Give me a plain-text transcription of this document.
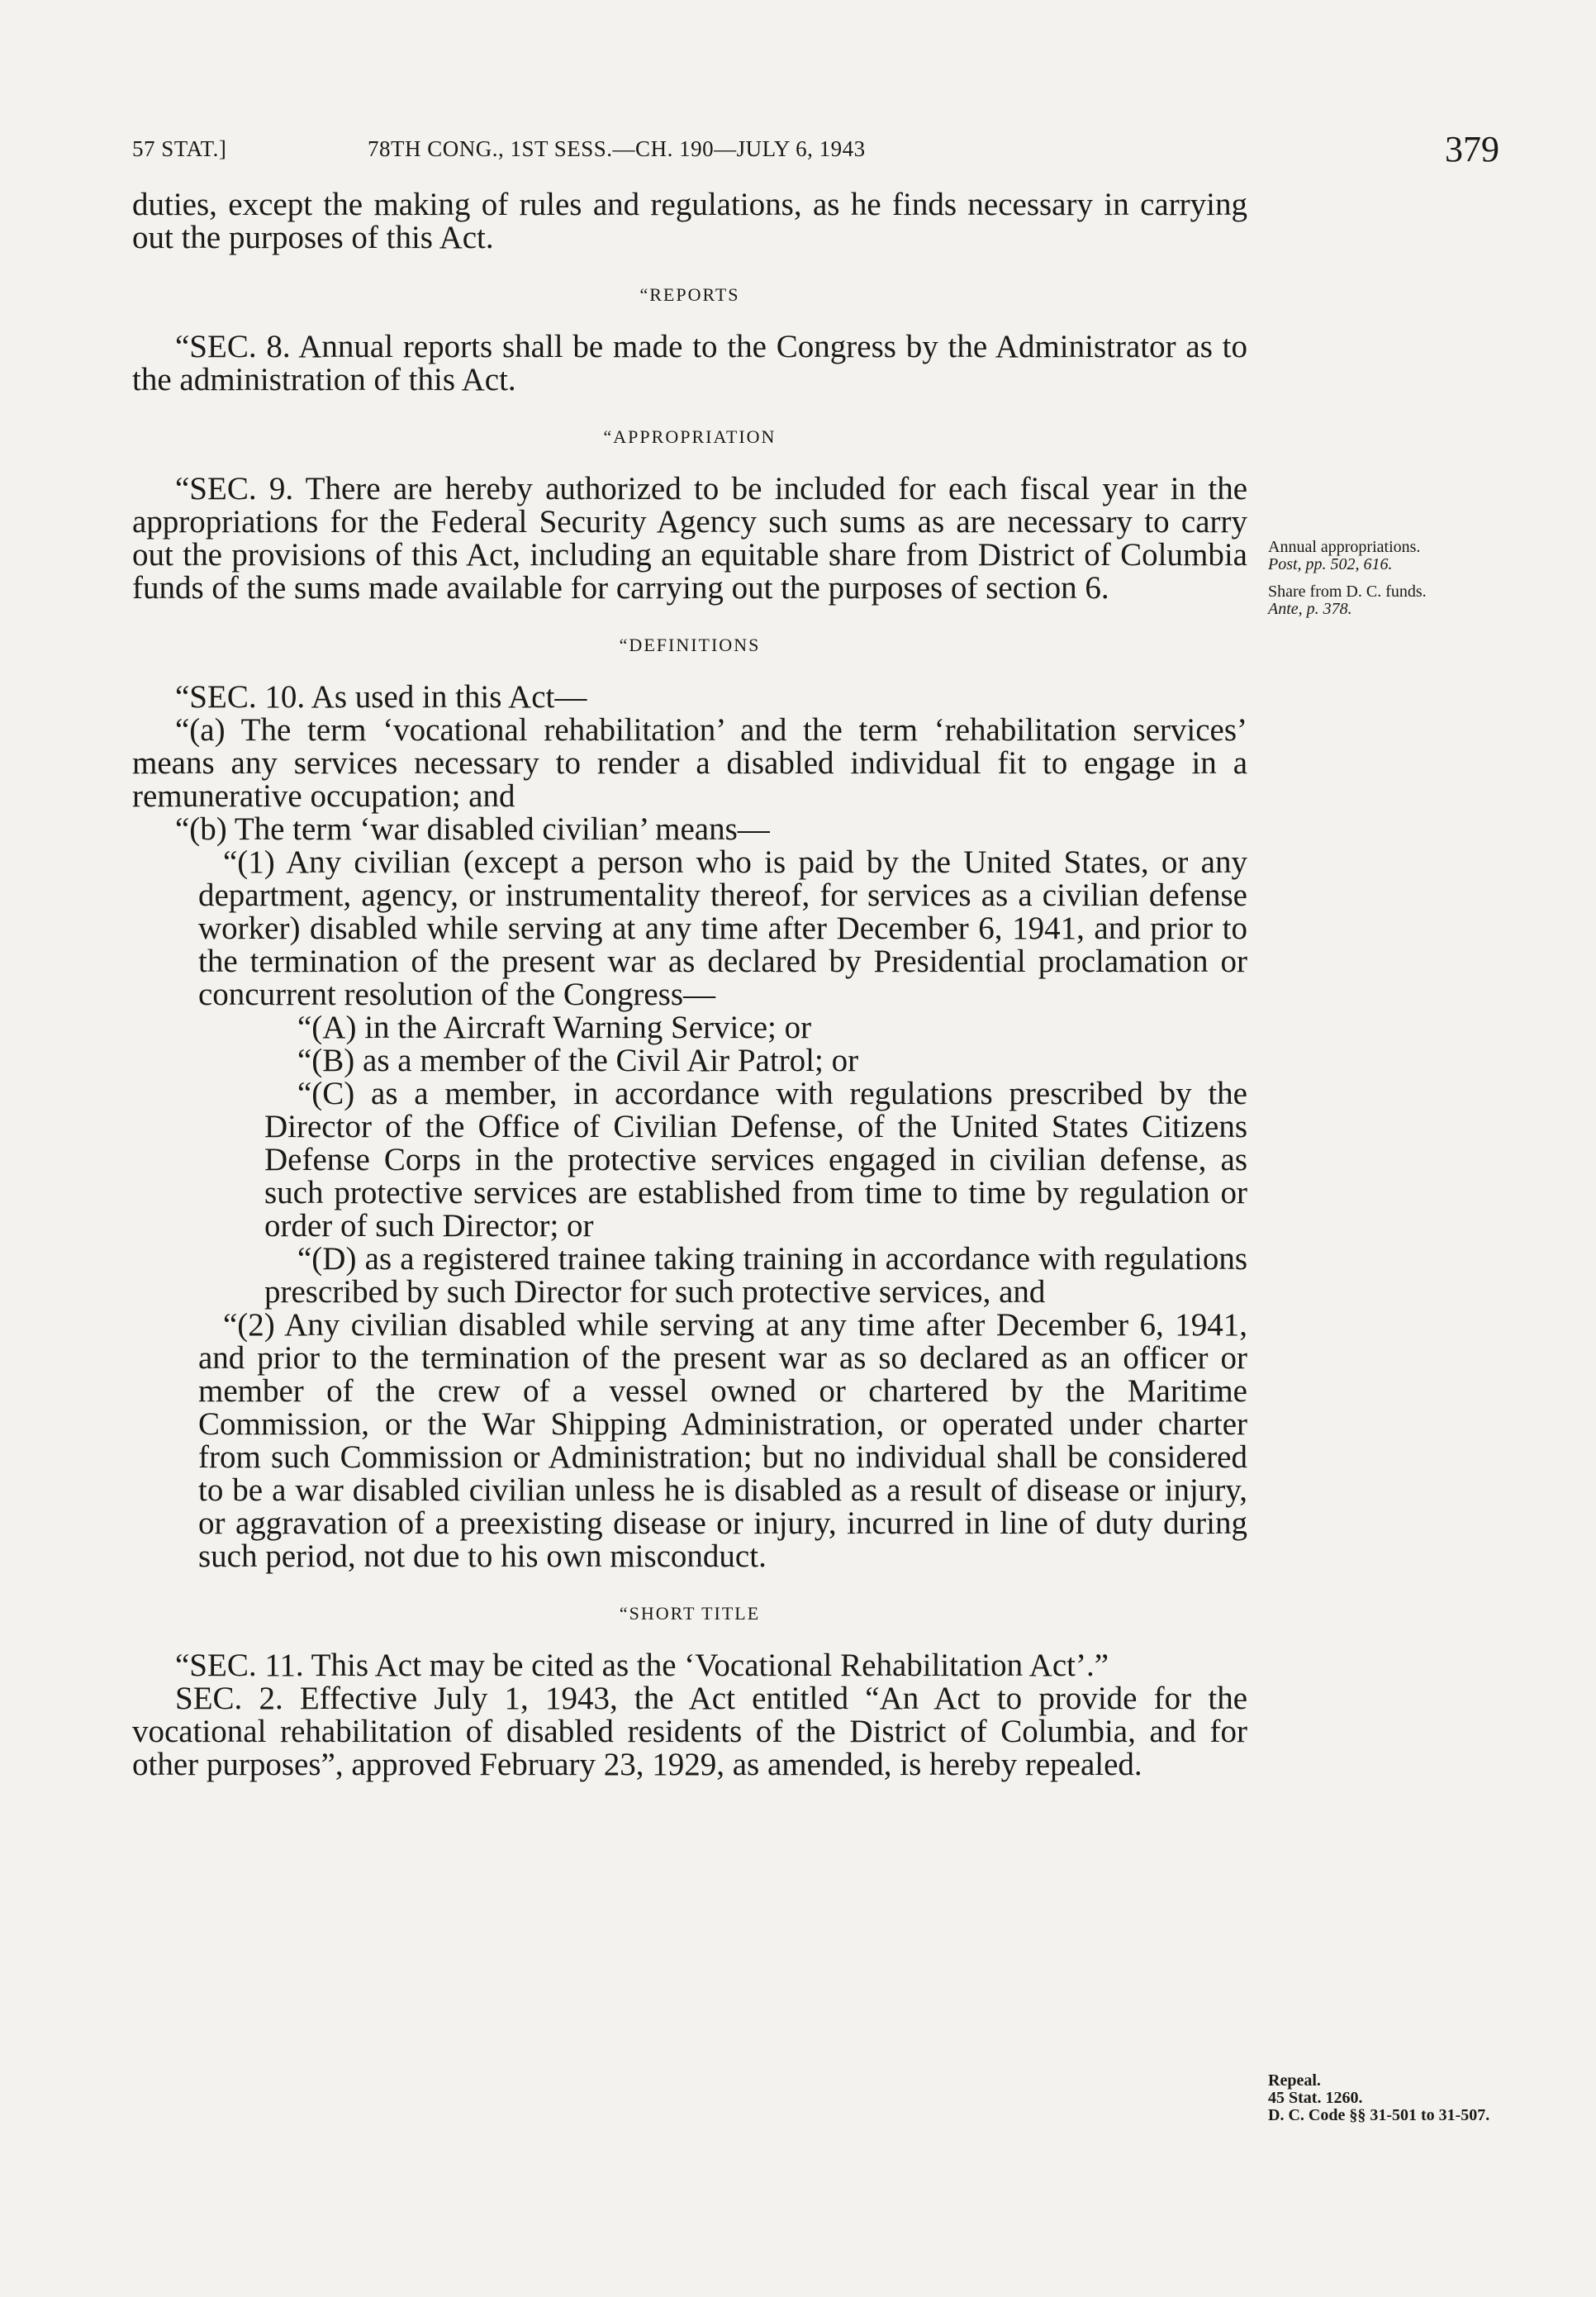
57 STAT.]	78TH CONG., 1ST SESS.—CH. 190—JULY 6, 1943	379

duties, except the making of rules and regulations, as he finds necessary in carrying out the purposes of this Act.

“REPORTS

“SEC. 8. Annual reports shall be made to the Congress by the Administrator as to the administration of this Act.

“APPROPRIATION

“SEC. 9. There are hereby authorized to be included for each fiscal year in the appropriations for the Federal Security Agency such sums as are necessary to carry out the provisions of this Act, including an equitable share from District of Columbia funds of the sums made available for carrying out the purposes of section 6.

“DEFINITIONS

“SEC. 10. As used in this Act—

“(a) The term ‘vocational rehabilitation’ and the term ‘rehabilitation services’ means any services necessary to render a disabled individual fit to engage in a remunerative occupation; and

“(b) The term ‘war disabled civilian’ means—

“(1) Any civilian (except a person who is paid by the United States, or any department, agency, or instrumentality thereof, for services as a civilian defense worker) disabled while serving at any time after December 6, 1941, and prior to the termination of the present war as declared by Presidential proclamation or concurrent resolution of the Congress—

“(A) in the Aircraft Warning Service; or

“(B) as a member of the Civil Air Patrol; or

“(C) as a member, in accordance with regulations prescribed by the Director of the Office of Civilian Defense, of the United States Citizens Defense Corps in the protective services engaged in civilian defense, as such protective services are established from time to time by regulation or order of such Director; or

“(D) as a registered trainee taking training in accordance with regulations prescribed by such Director for such protective services, and

“(2) Any civilian disabled while serving at any time after December 6, 1941, and prior to the termination of the present war as so declared as an officer or member of the crew of a vessel owned or chartered by the Maritime Commission, or the War Shipping Administration, or operated under charter from such Commission or Administration; but no individual shall be considered to be a war disabled civilian unless he is disabled as a result of disease or injury, or aggravation of a preexisting disease or injury, incurred in line of duty during such period, not due to his own misconduct.

“SHORT TITLE

“SEC. 11. This Act may be cited as the ‘Vocational Rehabilitation Act’.”

SEC. 2. Effective July 1, 1943, the Act entitled “An Act to provide for the vocational rehabilitation of disabled residents of the District of Columbia, and for other purposes”, approved February 23, 1929, as amended, is hereby repealed.

Annual appropriations.
Post, pp. 502, 616.
Share from D. C. funds.
Ante, p. 378.
Repeal.
45 Stat. 1260.
D. C. Code §§ 31-501 to 31-507.
